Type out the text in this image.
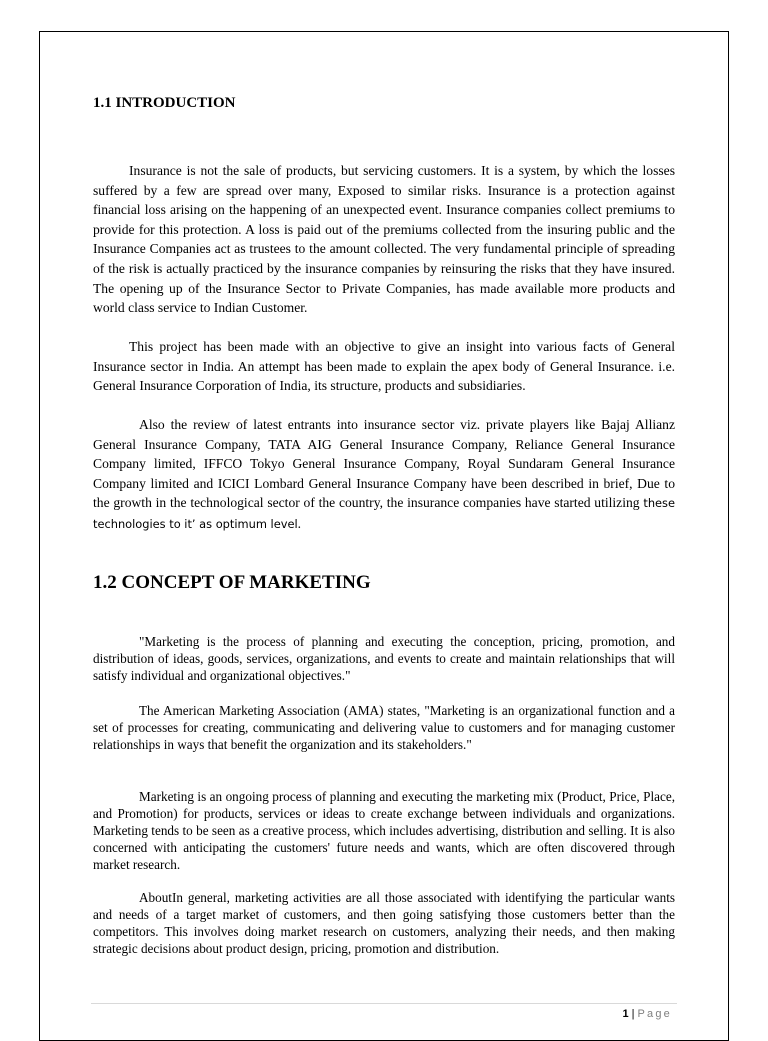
1.1 INTRODUCTION

Insurance is not the sale of products, but servicing customers. It is a system, by which the losses suffered by a few are spread over many, Exposed to similar risks. Insurance is a protection against financial loss arising on the happening of an unexpected event. Insurance companies collect premiums to provide for this protection. A loss is paid out of the premiums collected from the insuring public and the Insurance Companies act as trustees to the amount collected. The very fundamental principle of spreading of the risk is actually practiced by the insurance companies by reinsuring the risks that they have insured. The opening up of the Insurance Sector to Private Companies, has made available more products and world class service to Indian Customer.

This project has been made with an objective to give an insight into various facts of General Insurance sector in India. An attempt has been made to explain the apex body of General Insurance. i.e. General Insurance Corporation of India, its structure, products and subsidiaries.

Also the review of latest entrants into insurance sector viz. private players like Bajaj Allianz General Insurance Company, TATA AIG General Insurance Company, Reliance General Insurance Company limited, IFFCO Tokyo General Insurance Company, Royal Sundaram General Insurance Company limited and ICICI Lombard General Insurance Company have been described in brief, Due to the growth in the technological sector of the country, the insurance companies have started utilizing these technologies to it’ as optimum level.

1.2 CONCEPT OF MARKETING

"Marketing is the process of planning and executing the conception, pricing, promotion, and distribution of ideas, goods, services, organizations, and events to create and maintain relationships that will satisfy individual and organizational objectives."

The American Marketing Association (AMA) states, "Marketing is an organizational function and a set of processes for creating, communicating and delivering value to customers and for managing customer relationships in ways that benefit the organization and its stakeholders."

Marketing is an ongoing process of planning and executing the marketing mix (Product, Price, Place, and Promotion) for products, services or ideas to create exchange between individuals and organizations. Marketing tends to be seen as a creative process, which includes advertising, distribution and selling. It is also concerned with anticipating the customers' future needs and wants, which are often discovered through market research.

AboutIn general, marketing activities are all those associated with identifying the particular wants and needs of a target market of customers, and then going satisfying those customers better than the competitors. This involves doing market research on customers, analyzing their needs, and then making strategic decisions about product design, pricing, promotion and distribution.

1 | Page
